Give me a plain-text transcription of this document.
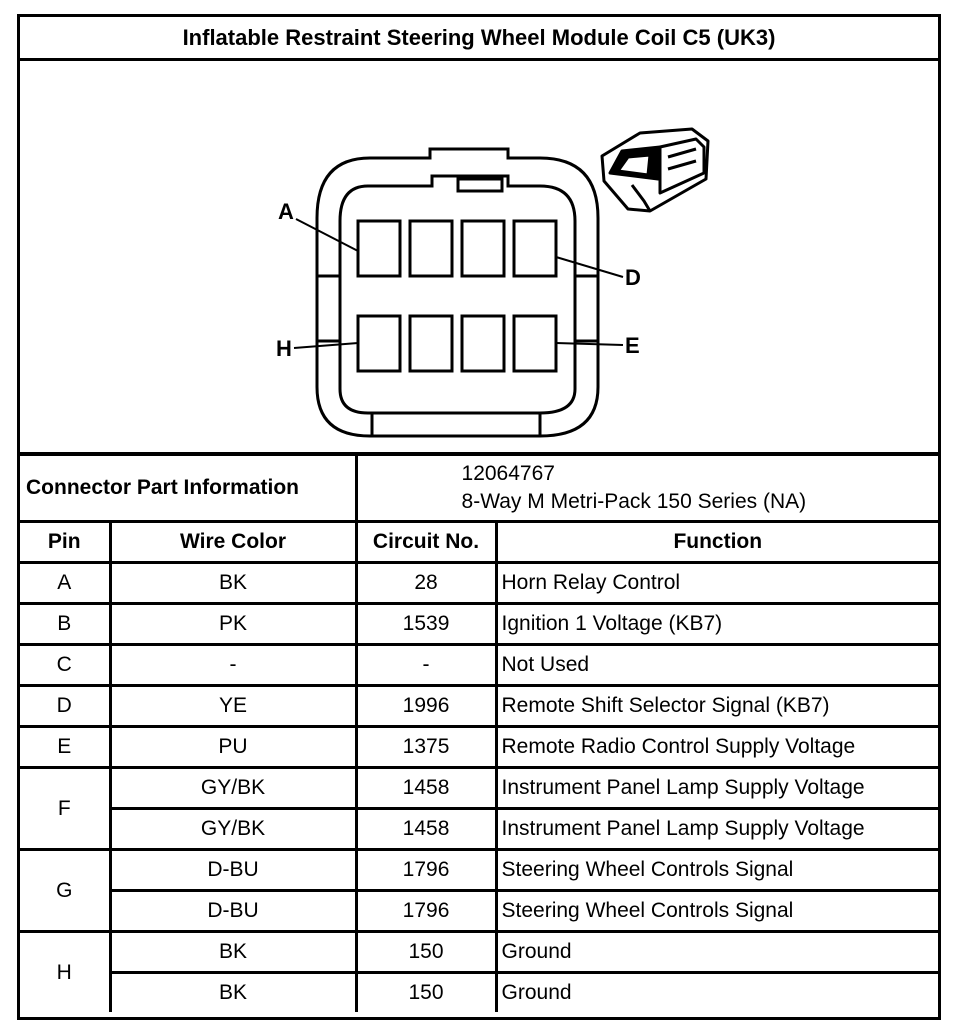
Inflatable Restraint Steering Wheel Module Coil C5 (UK3)
A
D
H	E
Connector Part Information		12064767
8-Way M Metri-Pack 150 Series (NA)	

Pin	Wire Color	Circuit No.	Function
A	BK	28	Horn Relay Control
B	PK	1539	Ignition 1 Voltage (KB7)
C	-	-	Not Used
D	YE	1996	Remote Shift Selector Signal (KB7)
E	PU	1375	Remote Radio Control Supply Voltage
F	GY/BK	1458	Instrument Panel Lamp Supply Voltage
	GY/BK	1458	Instrument Panel Lamp Supply Voltage
G	D-BU	1796	Steering Wheel Controls Signal
	D-BU	1796	Steering Wheel Controls Signal
H	BK	150	Ground
	BK	150	Ground
